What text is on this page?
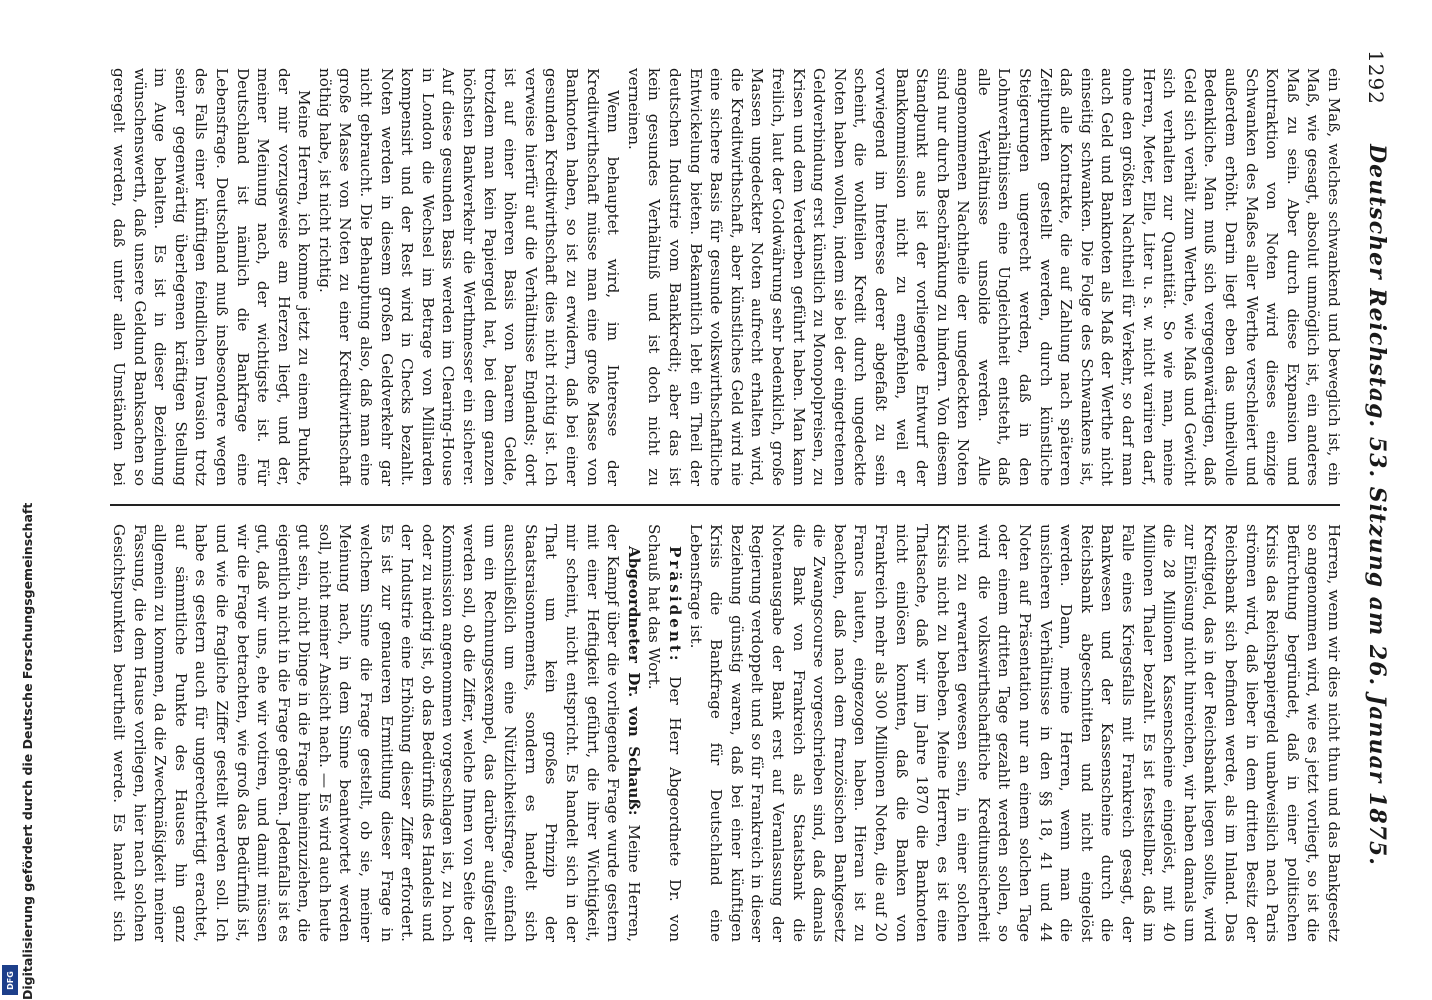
1292
Deutscher Reichstag. 53. Sitzung am 26. Januar 1875.

ein Maß, welches schwankend und beweglich ist, ein Maß, wie gesagt, absolut unmöglich ist, ein anderes Maß zu sein. Aber durch diese Expansion und Kontraktion von Noten wird dieses einzige Schwanken des Maßes aller Werthe verschleiert und außerdem erhöht. Darin liegt eben das unheilvolle Bedenkliche. Man muß sich vergegenwärtigen, daß Geld sich verhält zum Werthe, wie Maß und Gewicht sich verhalten zur Quantität. So wie man, meine Herren, Meter, Elle, Liter u. s. w. nicht variiren darf, ohne den größten Nachtheil für Verkehr, so darf man auch Geld und Banknoten als Maß der Werthe nicht einseitig schwanken. Die Folge des Schwankens ist, daß alle Kontrakte, die auf Zahlung nach späteren Zeitpunkten gestellt werden, durch künstliche Steigerungen ungerecht werden, daß in den Lohnverhältnissen eine Ungleichheit entsteht, daß alle Verhältnisse unsolide werden. Alle angenommenen Nachtheile der ungedeckten Noten sind nur durch Beschränkung zu hindern. Von diesem Standpunkt aus ist der vorliegende Entwurf der Bankkommission nicht zu empfehlen, weil er vorwiegend im Interesse derer abgefaßt zu sein scheint, die wohlfeilen Kredit durch ungedeckte Noten haben wollen, indem sie bei der eingetretenen Geldverbindung erst künstlich zu Monopolpreisen, zu Krisen und dem Verderben geführt haben. Man kann freilich, laut der Goldwährung sehr bedenklich, große Massen ungedeckter Noten aufrecht erhalten wird, die Kreditwirthschaft, aber künstliches Geld wird nie eine sichere Basis für gesunde volkswirthschaftliche Entwickelung bieten. Bekanntlich lebt ein Theil der deutschen Industrie vom Bankkredit; aber das ist kein gesundes Verhältniß und ist doch nicht zu verneinen.

Wenn behauptet wird, im Interesse der Kreditwirthschaft müsse man eine große Masse von Banknoten haben, so ist zu erwidern, daß bei einer gesunden Kreditwirthschaft dies nicht richtig ist. Ich verweise hierfür auf die Verhältnisse Englands; dort ist auf einer höheren Basis von baarem Gelde, trotzdem man kein Papiergeld hat, bei dem ganzen höchsten Bankverkehr die Werthmesser ein sicherer. Auf diese gesunden Basis werden im Clearing-House in London die Wechsel im Betrage von Milliarden kompensirt und der Rest wird in Checks bezahlt. Noten werden in diesem großen Geldverkehr gar nicht gebraucht. Die Behauptung also, daß man eine große Masse von Noten zu einer Kreditwirthschaft nöthig habe, ist nicht richtig.

Meine Herren, ich komme jetzt zu einem Punkte, der mir vorzugsweise am Herzen liegt, und der, meiner Meinung nach, der wichtigste ist. Für Deutschland ist nämlich die Bankfrage eine Lebensfrage. Deutschland muß insbesondere wegen des Falls einer künftigen feindlichen Invasion trotz seiner gegenwärtig überlegenen kräftigen Stellung im Auge behalten. Es ist in dieser Beziehung wünschenswerth, daß unsere Geldund Banksachen so geregelt werden, daß unter allen Umständen bei

Herren, wenn wir dies nicht thun und das Bankgesetz so angenommen wird, wie es jetzt vorliegt, so ist die Befürchtung begründet, daß in einer politischen Krisis das Reichspapiergeld unabweislich nach Paris strömen wird, daß lieber in dem dritten Besitz der Reichsbank sich befinden werde, als im Inland. Das Kreditgeld, das in der Reichsbank liegen sollte, wird zur Einlösung nicht hinreichen, wir haben damals um die 28 Millionen Kassenscheine eingelöst, mit 40 Millionen Thaler bezahlt. Es ist feststellbar, daß im Falle eines Kriegsfalls mit Frankreich gesagt, der Bankwesen und der Kassenscheine durch die Reichsbank abgeschnitten und nicht eingelöst werden. Dann, meine Herren, wenn man die unsicheren Verhältnisse in den §§ 18, 41 und 44 Noten auf Präsentation nur an einem solchen Tage oder einem dritten Tage gezahlt werden sollen, so wird die volkswirthschaftliche Kreditunsicherheit nicht zu erwarten gewesen sein, in einer solchen Krisis nicht zu beheben. Meine Herren, es ist eine Thatsache, daß wir im Jahre 1870 die Banknoten nicht einlösen konnten, daß die Banken von Frankreich mehr als 300 Millionen Noten, die auf 20 Francs lauten, eingezogen haben. Hieran ist zu beachten, daß nach dem französischen Bankgesetz die Zwangscourse vorgeschrieben sind, daß damals die Bank von Frankreich als Staatsbank die Notenausgabe der Bank erst auf Veranlassung der Regierung verdoppelt und so für Frankreich in dieser Beziehung günstig waren, daß bei einer künftigen Krisis die Bankfrage für Deutschland eine Lebensfrage ist.

Präsident: Der Herr Abgeordnete Dr. von Schauß hat das Wort.

Abgeordneter Dr. von Schauß: Meine Herren, der Kampf über die vorliegende Frage wurde gestern mit einer Heftigkeit geführt, die ihrer Wichtigkeit, mir scheint, nicht entspricht. Es handelt sich in der That um kein großes Prinzip der Staatsraisonnements, sondern es handelt sich ausschließlich um eine Nützlichkeitsfrage, einfach um ein Rechnungsexempel, das darüber aufgestellt werden soll, ob die Ziffer, welche Ihnen von Seite der Kommission angenommen vorgeschlagen ist, zu hoch oder zu niedrig ist, ob das Bedürfniß des Handels und der Industrie eine Erhöhung dieser Ziffer erfordert. Es ist zur genaueren Ermittlung dieser Frage in welchem Sinne die Frage gestellt, ob sie, meiner Meinung nach, in dem Sinne beantwortet werden soll, nicht meiner Ansicht nach. — Es wird auch heute gut sein, nicht Dinge in die Frage hineinzuziehen, die eigentlich nicht in die Frage gehören. Jedenfalls ist es gut, daß wir uns, ehe wir votiren, und damit müssen wir die Frage betrachten, wie groß das Bedürfniß ist, und wie die fragliche Ziffer gestellt werden soll. Ich habe es gestern auch für ungerechtfertigt erachtet, auf sämmtliche Punkte des Hauses hin ganz allgemein zu kommen, da die Zweckmäßigkeit meiner Fassung, die dem Hause vorliegen, hier nach solchen Gesichtspunkten beurtheilt werde. Es handelt sich

Digitalisierung gefördert durch die Deutsche Forschungsgemeinschaft
DFG
